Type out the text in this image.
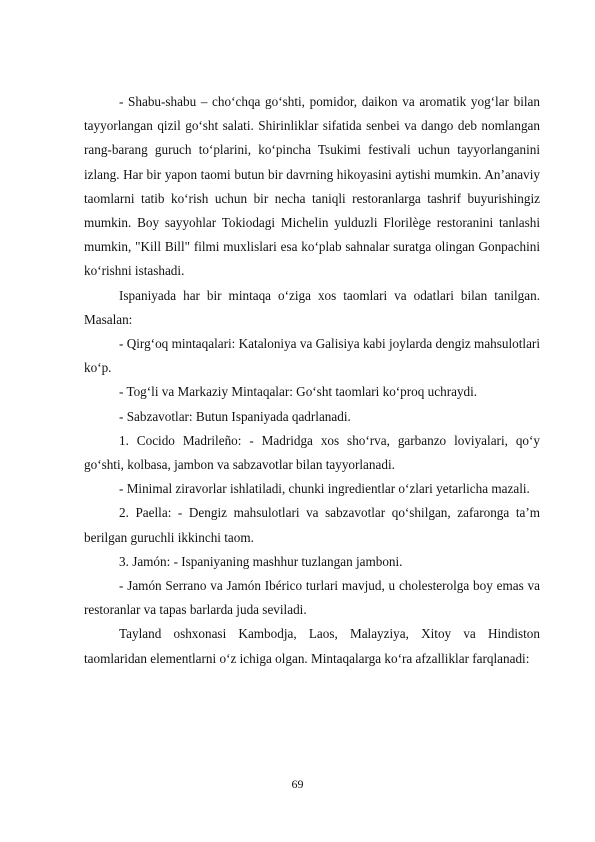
- Shabu-shabu – cho‘chqa go‘shti, pomidor, daikon va aromatik yog‘lar bilan tayyorlangan qizil go‘sht salati. Shirinliklar sifatida senbei va dango deb nomlangan rang-barang guruch to‘plarini, ko‘pincha Tsukimi festivali uchun tayyorlanganini izlang. Har bir yapon taomi butun bir davrning hikoyasini aytishi mumkin. An’anaviy taomlarni tatib ko‘rish uchun bir necha taniqli restoranlarga tashrif buyurishingiz mumkin. Boy sayyohlar Tokiodagi Michelin yulduzli Florilège restoranini tanlashi mumkin, "Kill Bill" filmi muxlislari esa ko‘plab sahnalar suratga olingan Gonpachini ko‘rishni istashadi.

Ispaniyada har bir mintaqa o‘ziga xos taomlari va odatlari bilan tanilgan. Masalan:

- Qirg‘oq mintaqalari: Kataloniya va Galisiya kabi joylarda dengiz mahsulotlari ko‘p.

- Tog‘li va Markaziy Mintaqalar: Go‘sht taomlari ko‘proq uchraydi.

- Sabzavotlar: Butun Ispaniyada qadrlanadi.

1. Cocido Madrileño: - Madridga xos sho‘rva, garbanzo loviyalari, qo‘y go‘shti, kolbasa, jambon va sabzavotlar bilan tayyorlanadi.

- Minimal ziravorlar ishlatiladi, chunki ingredientlar o‘zlari yetarlicha mazali.

2. Paella: - Dengiz mahsulotlari va sabzavotlar qo‘shilgan, zafaronga ta’m berilgan guruchli ikkinchi taom.

3. Jamón: - Ispaniyaning mashhur tuzlangan jamboni.

- Jamón Serrano va Jamón Ibérico turlari mavjud, u cholesterolga boy emas va restoranlar va tapas barlarda juda seviladi.

Tayland oshxonasi Kambodja, Laos, Malayziya, Xitoy va Hindiston taomlaridan elementlarni o‘z ichiga olgan. Mintaqalarga ko‘ra afzalliklar farqlanadi:

69
